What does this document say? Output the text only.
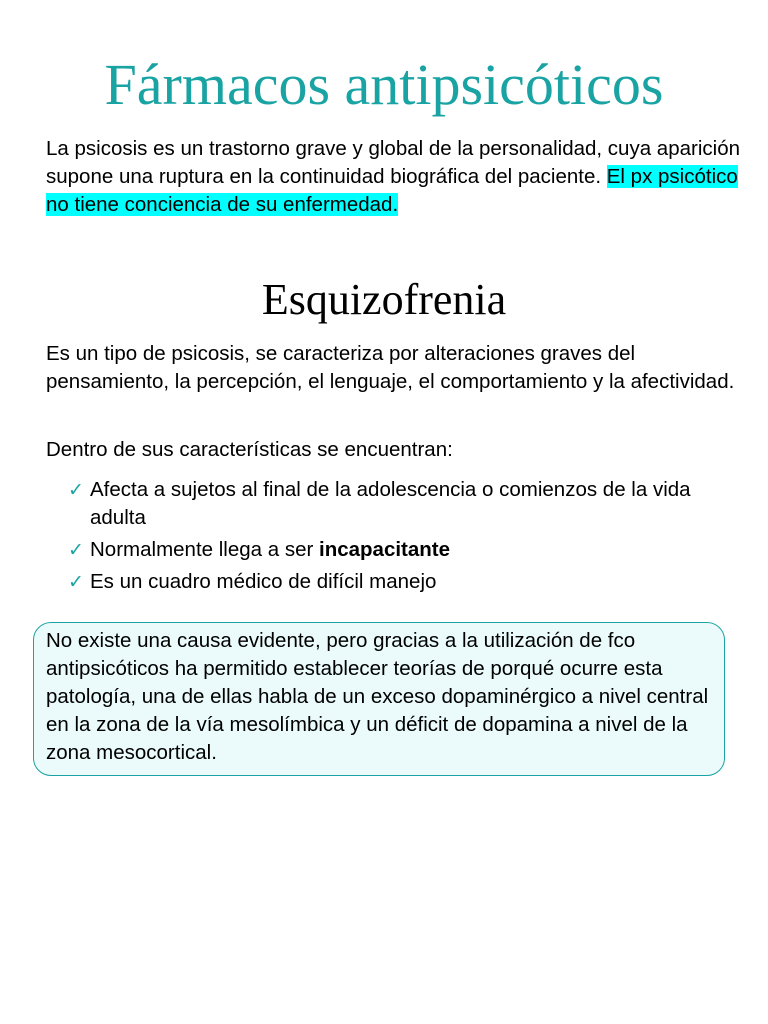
Fármacos antipsicóticos

La psicosis es un trastorno grave y global de la personalidad, cuya aparición supone una ruptura en la continuidad biográfica del paciente. El px psicótico no tiene conciencia de su enfermedad.

Esquizofrenia

Es un tipo de psicosis, se caracteriza por alteraciones graves del pensamiento, la percepción, el lenguaje, el comportamiento y la afectividad.

Dentro de sus características se encuentran:

✓ Afecta a sujetos al final de la adolescencia o comienzos de la vida adulta
✓ Normalmente llega a ser incapacitante
✓ Es un cuadro médico de difícil manejo

No existe una causa evidente, pero gracias a la utilización de fco antipsicóticos ha permitido establecer teorías de porqué ocurre esta patología, una de ellas habla de un exceso dopaminérgico a nivel central en la zona de la vía mesolímbica y un déficit de dopamina a nivel de la zona mesocortical.
